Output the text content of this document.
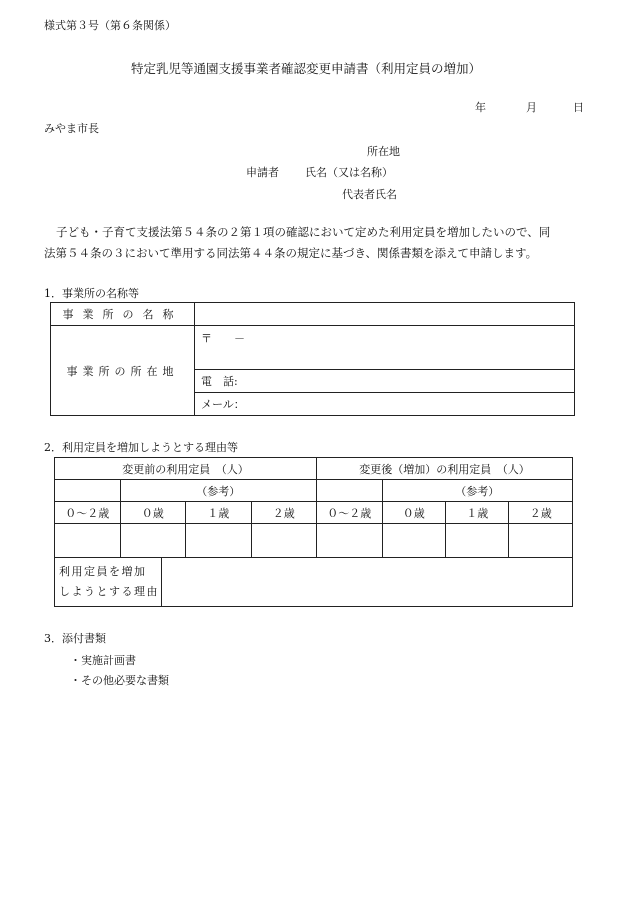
様式第３号（第６条関係）
特定乳児等通園支援事業者確認変更申請書（利用定員の増加）
年	月	日
みやま市長
所在地
申請者 氏名（又は名称）
代表者氏名
子ども・子育て支援法第５４条の２第１項の確認において定めた利用定員を増加したいので、同
法第５４条の３において準用する同法第４４条の規定に基づき、関係書類を添えて申請します。
1．事業所の名称等
事業所の名称	
事業所の所在地	〒　　－
	電　話:
	メール：
2．利用定員を増加しようとする理由等
変更前の利用定員　（人）				変更後（増加）の利用定員　（人）			
	（参考）				（参考）		
０～２歳	０歳	１歳	２歳	０～２歳	０歳	１歳	２歳

利用定員を増加
しようとする理由

3．添付書類
・実施計画書
・その他必要な書類
